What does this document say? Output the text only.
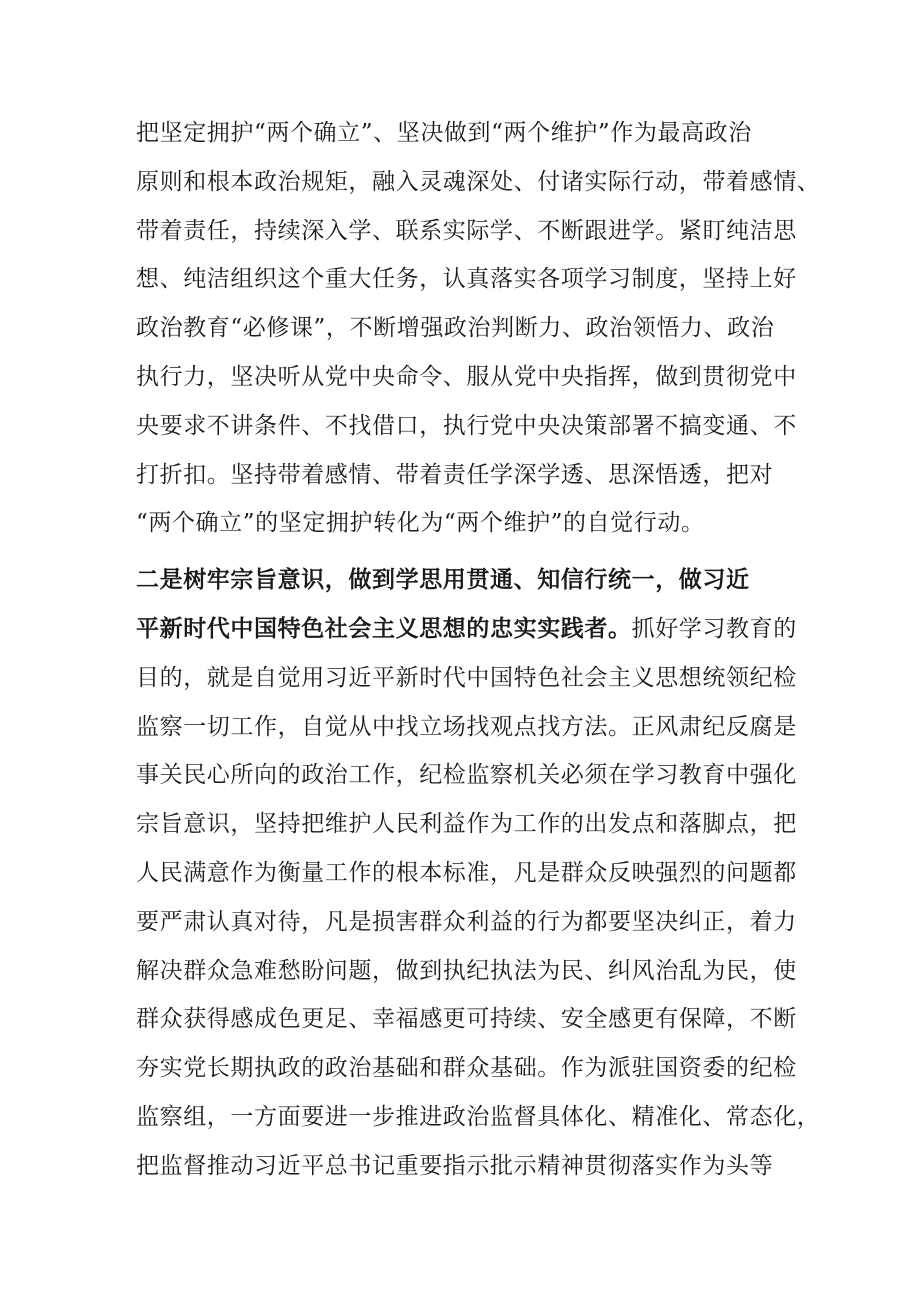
把坚定拥护“两个确立”、坚决做到“两个维护”作为最高政治
原则和根本政治规矩，融入灵魂深处、付诸实际行动，带着感情、
带着责任，持续深入学、联系实际学、不断跟进学。紧盯纯洁思
想、纯洁组织这个重大任务，认真落实各项学习制度，坚持上好
政治教育“必修课”，不断增强政治判断力、政治领悟力、政治
执行力，坚决听从党中央命令、服从党中央指挥，做到贯彻党中
央要求不讲条件、不找借口，执行党中央决策部署不搞变通、不
打折扣。坚持带着感情、带着责任学深学透、思深悟透，把对
“两个确立”的坚定拥护转化为“两个维护”的自觉行动。
二是树牢宗旨意识，做到学思用贯通、知信行统一，做习近
平新时代中国特色社会主义思想的忠实实践者。抓好学习教育的
目的，就是自觉用习近平新时代中国特色社会主义思想统领纪检
监察一切工作，自觉从中找立场找观点找方法。正风肃纪反腐是
事关民心所向的政治工作，纪检监察机关必须在学习教育中强化
宗旨意识，坚持把维护人民利益作为工作的出发点和落脚点，把
人民满意作为衡量工作的根本标准，凡是群众反映强烈的问题都
要严肃认真对待，凡是损害群众利益的行为都要坚决纠正，着力
解决群众急难愁盼问题，做到执纪执法为民、纠风治乱为民，使
群众获得感成色更足、幸福感更可持续、安全感更有保障，不断
夯实党长期执政的政治基础和群众基础。作为派驻国资委的纪检
监察组，一方面要进一步推进政治监督具体化、精准化、常态化，
把监督推动习近平总书记重要指示批示精神贯彻落实作为头等
